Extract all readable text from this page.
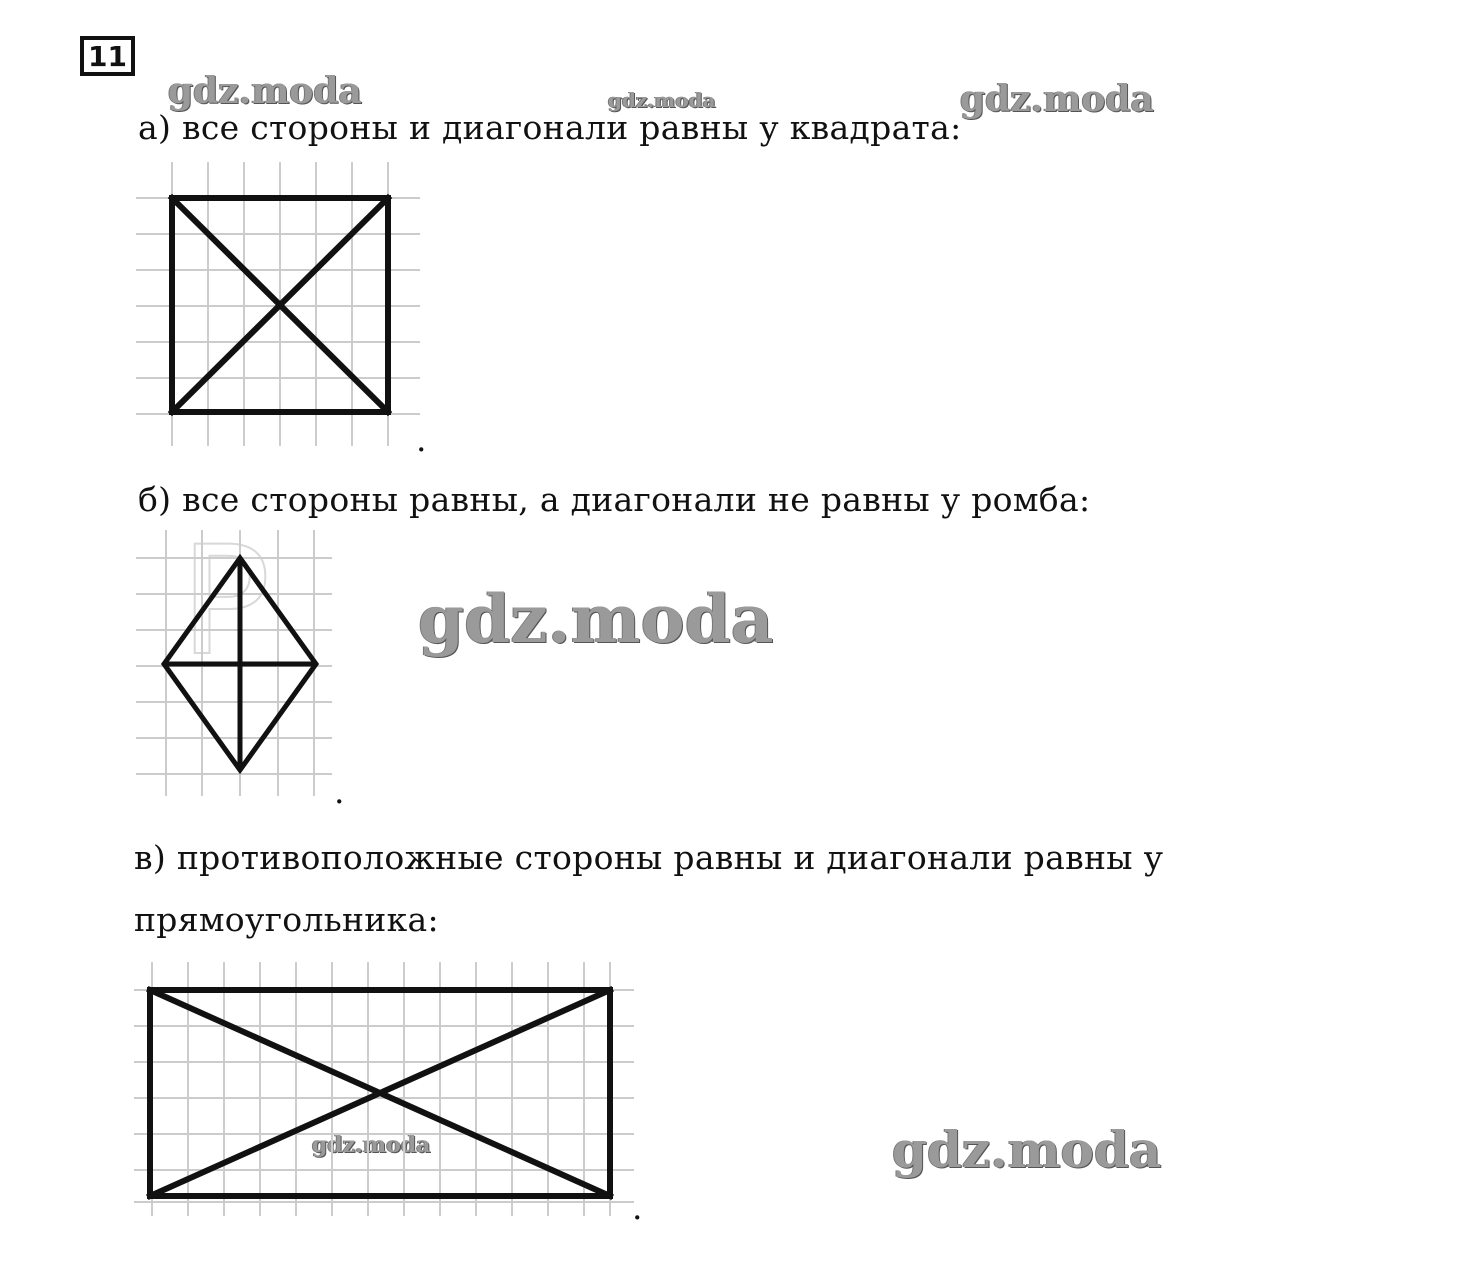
11
gdz.moda	gdz.moda	gdz.moda
gdz.moda
gdz.moda	gdz.moda
а) все стороны и диагонали равны у квадрата:
.
б) все стороны равны, а диагонали не равны у ромба:
P
.
в) противоположные стороны равны и диагонали равны у
прямоугольника:
.
